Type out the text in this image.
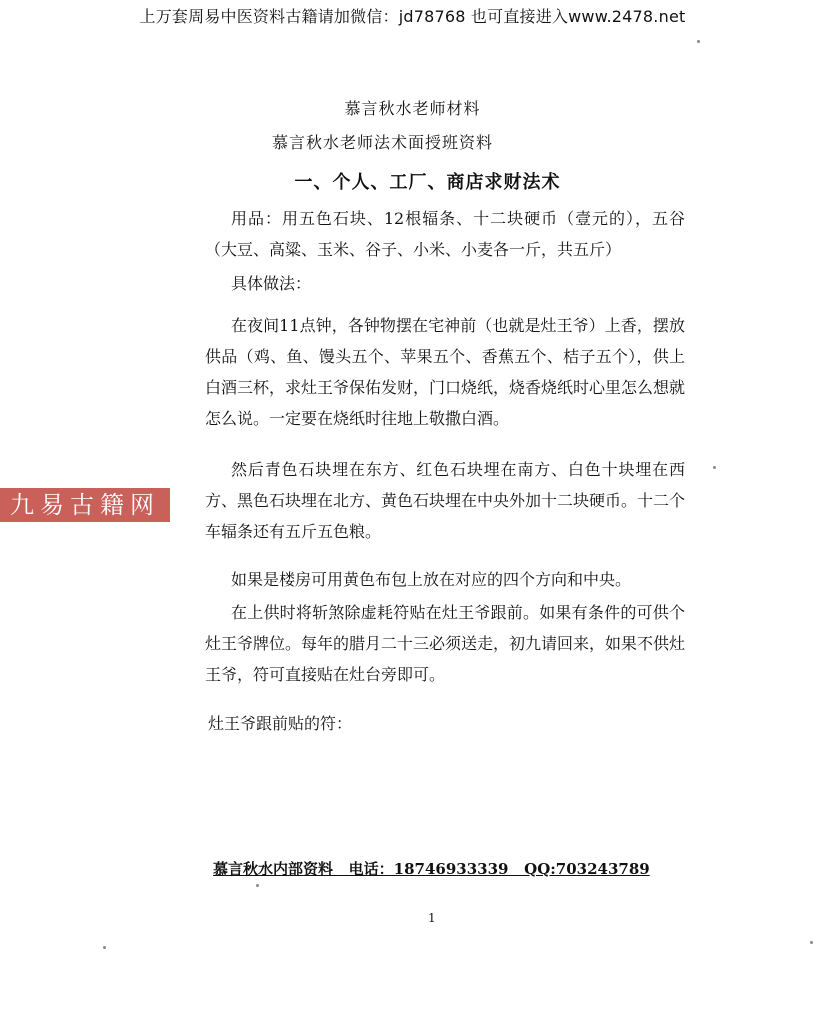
上万套周易中医资料古籍请加微信：jd78768 也可直接进入www.2478.net
慕言秋水老师材料
慕言秋水老师法术面授班资料
一、个人、工厂、商店求财法术
用品：用五色石块、12根辐条、十二块硬币（壹元的），五谷（大豆、高粱、玉米、谷子、小米、小麦各一斤，共五斤）
具体做法：
在夜间11点钟，各钟物摆在宅神前（也就是灶王爷）上香，摆放供品（鸡、鱼、馒头五个、苹果五个、香蕉五个、桔子五个），供上白酒三杯，求灶王爷保佑发财，门口烧纸，烧香烧纸时心里怎么想就怎么说。一定要在烧纸时往地上敬撒白酒。
然后青色石块埋在东方、红色石块埋在南方、白色十块埋在西方、黑色石块埋在北方、黄色石块埋在中央外加十二块硬币。十二个车辐条还有五斤五色粮。
如果是楼房可用黄色布包上放在对应的四个方向和中央。
在上供时将斩煞除虚耗符贴在灶王爷跟前。如果有条件的可供个灶王爷牌位。每年的腊月二十三必须送走，初九请回来，如果不供灶王爷，符可直接贴在灶台旁即可。
灶王爷跟前贴的符：
慕言秋水内部资料   电话：18746933339   QQ:703243789
1
九易古籍网
